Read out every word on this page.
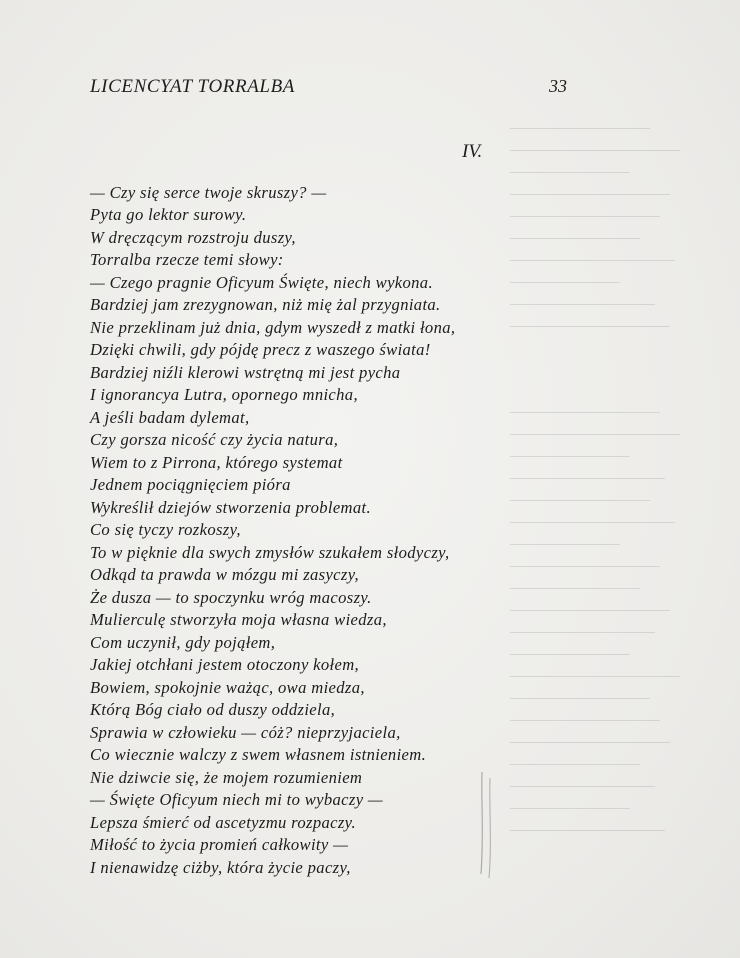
LICENCYAT TORRALBA	33
IV.
— Czy się serce twoje skruszy? —
Pyta go lektor surowy.
W dręczącym rozstroju duszy,
Torralba rzecze temi słowy:
— Czego pragnie Oficyum Święte, niech wykona.
Bardziej jam zrezygnowan, niż mię żal przygniata.
Nie przeklinam już dnia, gdym wyszedł z matki łona,
Dzięki chwili, gdy pójdę precz z waszego świata!
Bardziej niźli klerowi wstrętną mi jest pycha
I ignorancya Lutra, opornego mnicha,
A jeśli badam dylemat,
Czy gorsza nicość czy życia natura,
Wiem to z Pirrona, którego systemat
Jednem pociągnięciem pióra
Wykreślił dziejów stworzenia problemat.
Co się tyczy rozkoszy,
To w pięknie dla swych zmysłów szukałem słodyczy,
Odkąd ta prawda w mózgu mi zasyczy,
Że dusza — to spoczynku wróg macoszy.
Mulierculę stworzyła moja własna wiedza,
Com uczynił, gdy pojąłem,
Jakiej otchłani jestem otoczony kołem,
Bowiem, spokojnie ważąc, owa miedza,
Którą Bóg ciało od duszy oddziela,
Sprawia w człowieku — cóż? nieprzyjaciela,
Co wiecznie walczy z swem własnem istnieniem.
Nie dziwcie się, że mojem rozumieniem
— Święte Oficyum niech mi to wybaczy —
Lepsza śmierć od ascetyzmu rozpaczy.
Miłość to życia promień całkowity —
I nienawidzę ciżby, która życie paczy,
